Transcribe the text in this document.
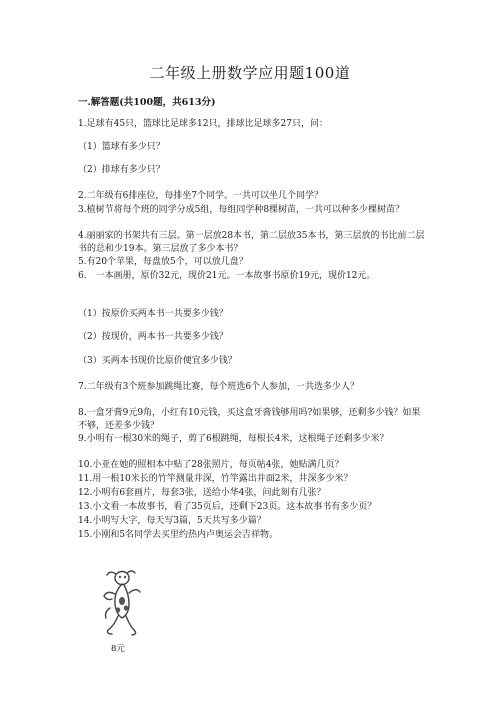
二年级上册数学应用题100道
一.解答题(共100题，共613分)
1.足球有45只，篮球比足球多12只，排球比足球多27只，问：
（1）篮球有多少只？
（2）排球有多少只？
2.二年级有6排座位，每排坐7个同学。一共可以坐几个同学？
3.植树节将每个班的同学分成5组，每组同学种8棵树苗，一共可以种多少棵树苗？
4.丽丽家的书架共有三层。第一层放28本书，第二层放35本书，第三层放的书比前二层书的总和少19本。第三层放了多少本书？
5.有20个苹果，每盘放5个，可以放几盘？
6.　一本画册，原价32元，现价21元。一本故事书原价19元，现价12元。
（1）按原价买两本书一共要多少钱？
（2）按现价，两本书一共要多少钱？
（3）买两本书现价比原价便宜多少钱？
7.二年级有3个班参加跳绳比赛，每个班选6个人参加，一共选多少人？
8.一盒牙膏9元9角，小红有10元钱，买这盒牙膏钱够用吗?如果够，还剩多少钱？如果不够，还差多少钱？
9.小明有一根30米的绳子，剪了6根跳绳，每根长4米，这根绳子还剩多少米？
10.小亚在她的照相本中贴了28张照片，每页帖4张，她贴满几页？
11.用一根10米长的竹竿测量井深，竹竿露出井面2米，井深多少米？
12.小明有6套画片，每套3张，送给小华4张，问此刻有几张？
13.小文看一本故事书，看了35页后，还剩下23页。这本故事书有多少页？
14.小明写大字，每天写3篇，5天共写多少篇？
15.小刚和5名同学去买里约热内卢奥运会吉祥物。
8元
